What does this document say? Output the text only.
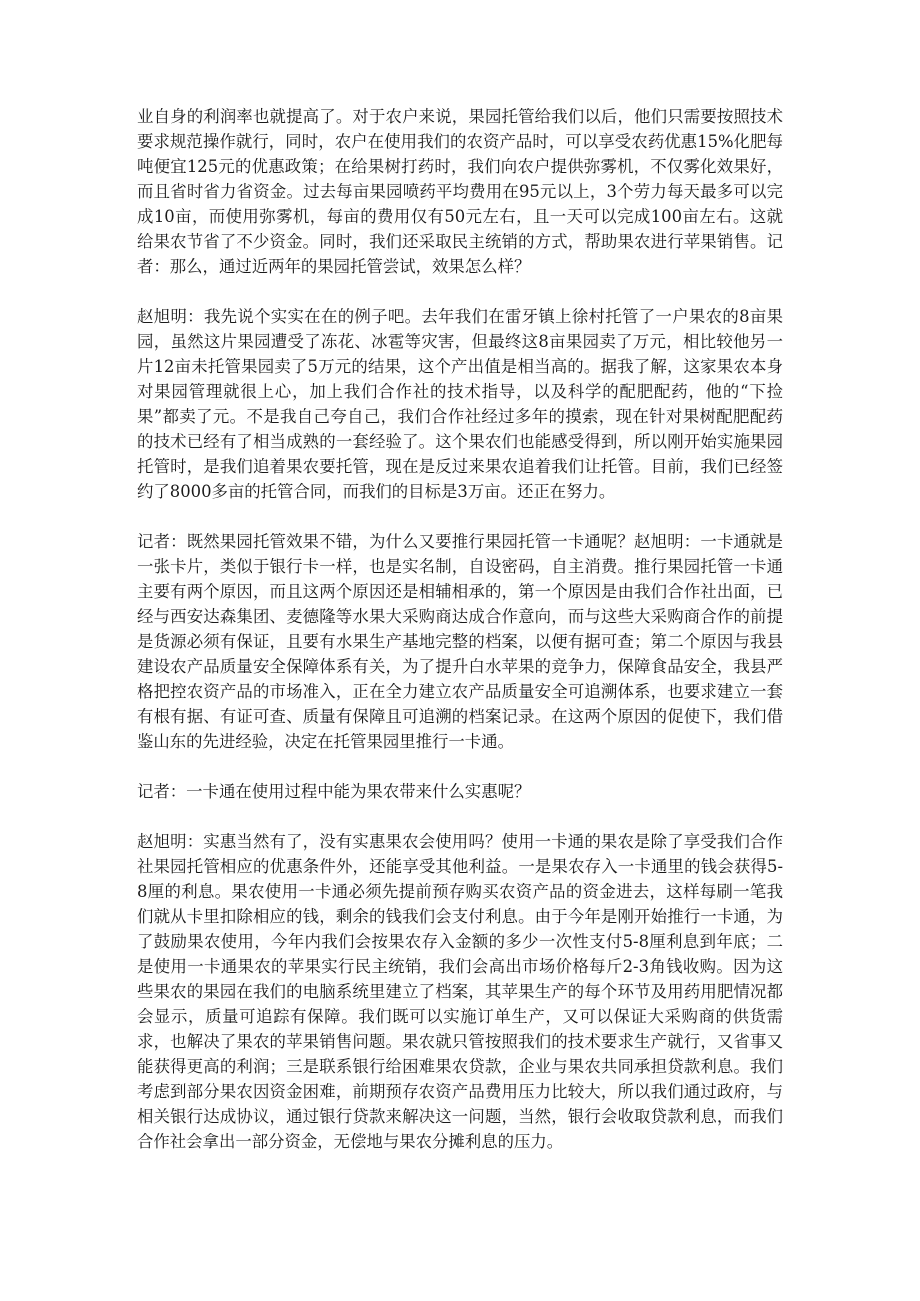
业自身的利润率也就提高了。对于农户来说，果园托管给我们以后，他们只需要按照技术要求规范操作就行，同时，农户在使用我们的农资产品时，可以享受农药优惠15%化肥每吨便宜125元的优惠政策；在给果树打药时，我们向农户提供弥雾机，不仅雾化效果好，而且省时省力省资金。过去每亩果园喷药平均费用在95元以上，3个劳力每天最多可以完成10亩，而使用弥雾机，每亩的费用仅有50元左右，且一天可以完成100亩左右。这就给果农节省了不少资金。同时，我们还采取民主统销的方式，帮助果农进行苹果销售。记者：那么，通过近两年的果园托管尝试，效果怎么样？

赵旭明：我先说个实实在在的例子吧。去年我们在雷牙镇上徐村托管了一户果农的8亩果园，虽然这片果园遭受了冻花、冰雹等灾害，但最终这8亩果园卖了万元，相比较他另一片12亩未托管果园卖了5万元的结果，这个产出值是相当高的。据我了解，这家果农本身对果园管理就很上心，加上我们合作社的技术指导，以及科学的配肥配药，他的“下捡果”都卖了元。不是我自己夸自己，我们合作社经过多年的摸索，现在针对果树配肥配药的技术已经有了相当成熟的一套经验了。这个果农们也能感受得到，所以刚开始实施果园托管时，是我们追着果农要托管，现在是反过来果农追着我们让托管。目前，我们已经签约了8000多亩的托管合同，而我们的目标是3万亩。还正在努力。

记者：既然果园托管效果不错，为什么又要推行果园托管一卡通呢？赵旭明：一卡通就是一张卡片，类似于银行卡一样，也是实名制，自设密码，自主消费。推行果园托管一卡通主要有两个原因，而且这两个原因还是相辅相承的，第一个原因是由我们合作社出面，已经与西安达森集团、麦德隆等水果大采购商达成合作意向，而与这些大采购商合作的前提是货源必须有保证，且要有水果生产基地完整的档案，以便有据可查；第二个原因与我县建设农产品质量安全保障体系有关，为了提升白水苹果的竞争力，保障食品安全，我县严格把控农资产品的市场准入，正在全力建立农产品质量安全可追溯体系，也要求建立一套有根有据、有证可查、质量有保障且可追溯的档案记录。在这两个原因的促使下，我们借鉴山东的先进经验，决定在托管果园里推行一卡通。

记者：一卡通在使用过程中能为果农带来什么实惠呢？

赵旭明：实惠当然有了，没有实惠果农会使用吗？使用一卡通的果农是除了享受我们合作社果园托管相应的优惠条件外，还能享受其他利益。一是果农存入一卡通里的钱会获得5-8厘的利息。果农使用一卡通必须先提前预存购买农资产品的资金进去，这样每刷一笔我们就从卡里扣除相应的钱，剩余的钱我们会支付利息。由于今年是刚开始推行一卡通，为了鼓励果农使用，今年内我们会按果农存入金额的多少一次性支付5-8厘利息到年底；二是使用一卡通果农的苹果实行民主统销，我们会高出市场价格每斤2-3角钱收购。因为这些果农的果园在我们的电脑系统里建立了档案，其苹果生产的每个环节及用药用肥情况都会显示，质量可追踪有保障。我们既可以实施订单生产，又可以保证大采购商的供货需求，也解决了果农的苹果销售问题。果农就只管按照我们的技术要求生产就行，又省事又能获得更高的利润；三是联系银行给困难果农贷款，企业与果农共同承担贷款利息。我们考虑到部分果农因资金困难，前期预存农资产品费用压力比较大，所以我们通过政府，与相关银行达成协议，通过银行贷款来解决这一问题，当然，银行会收取贷款利息，而我们合作社会拿出一部分资金，无偿地与果农分摊利息的压力。
